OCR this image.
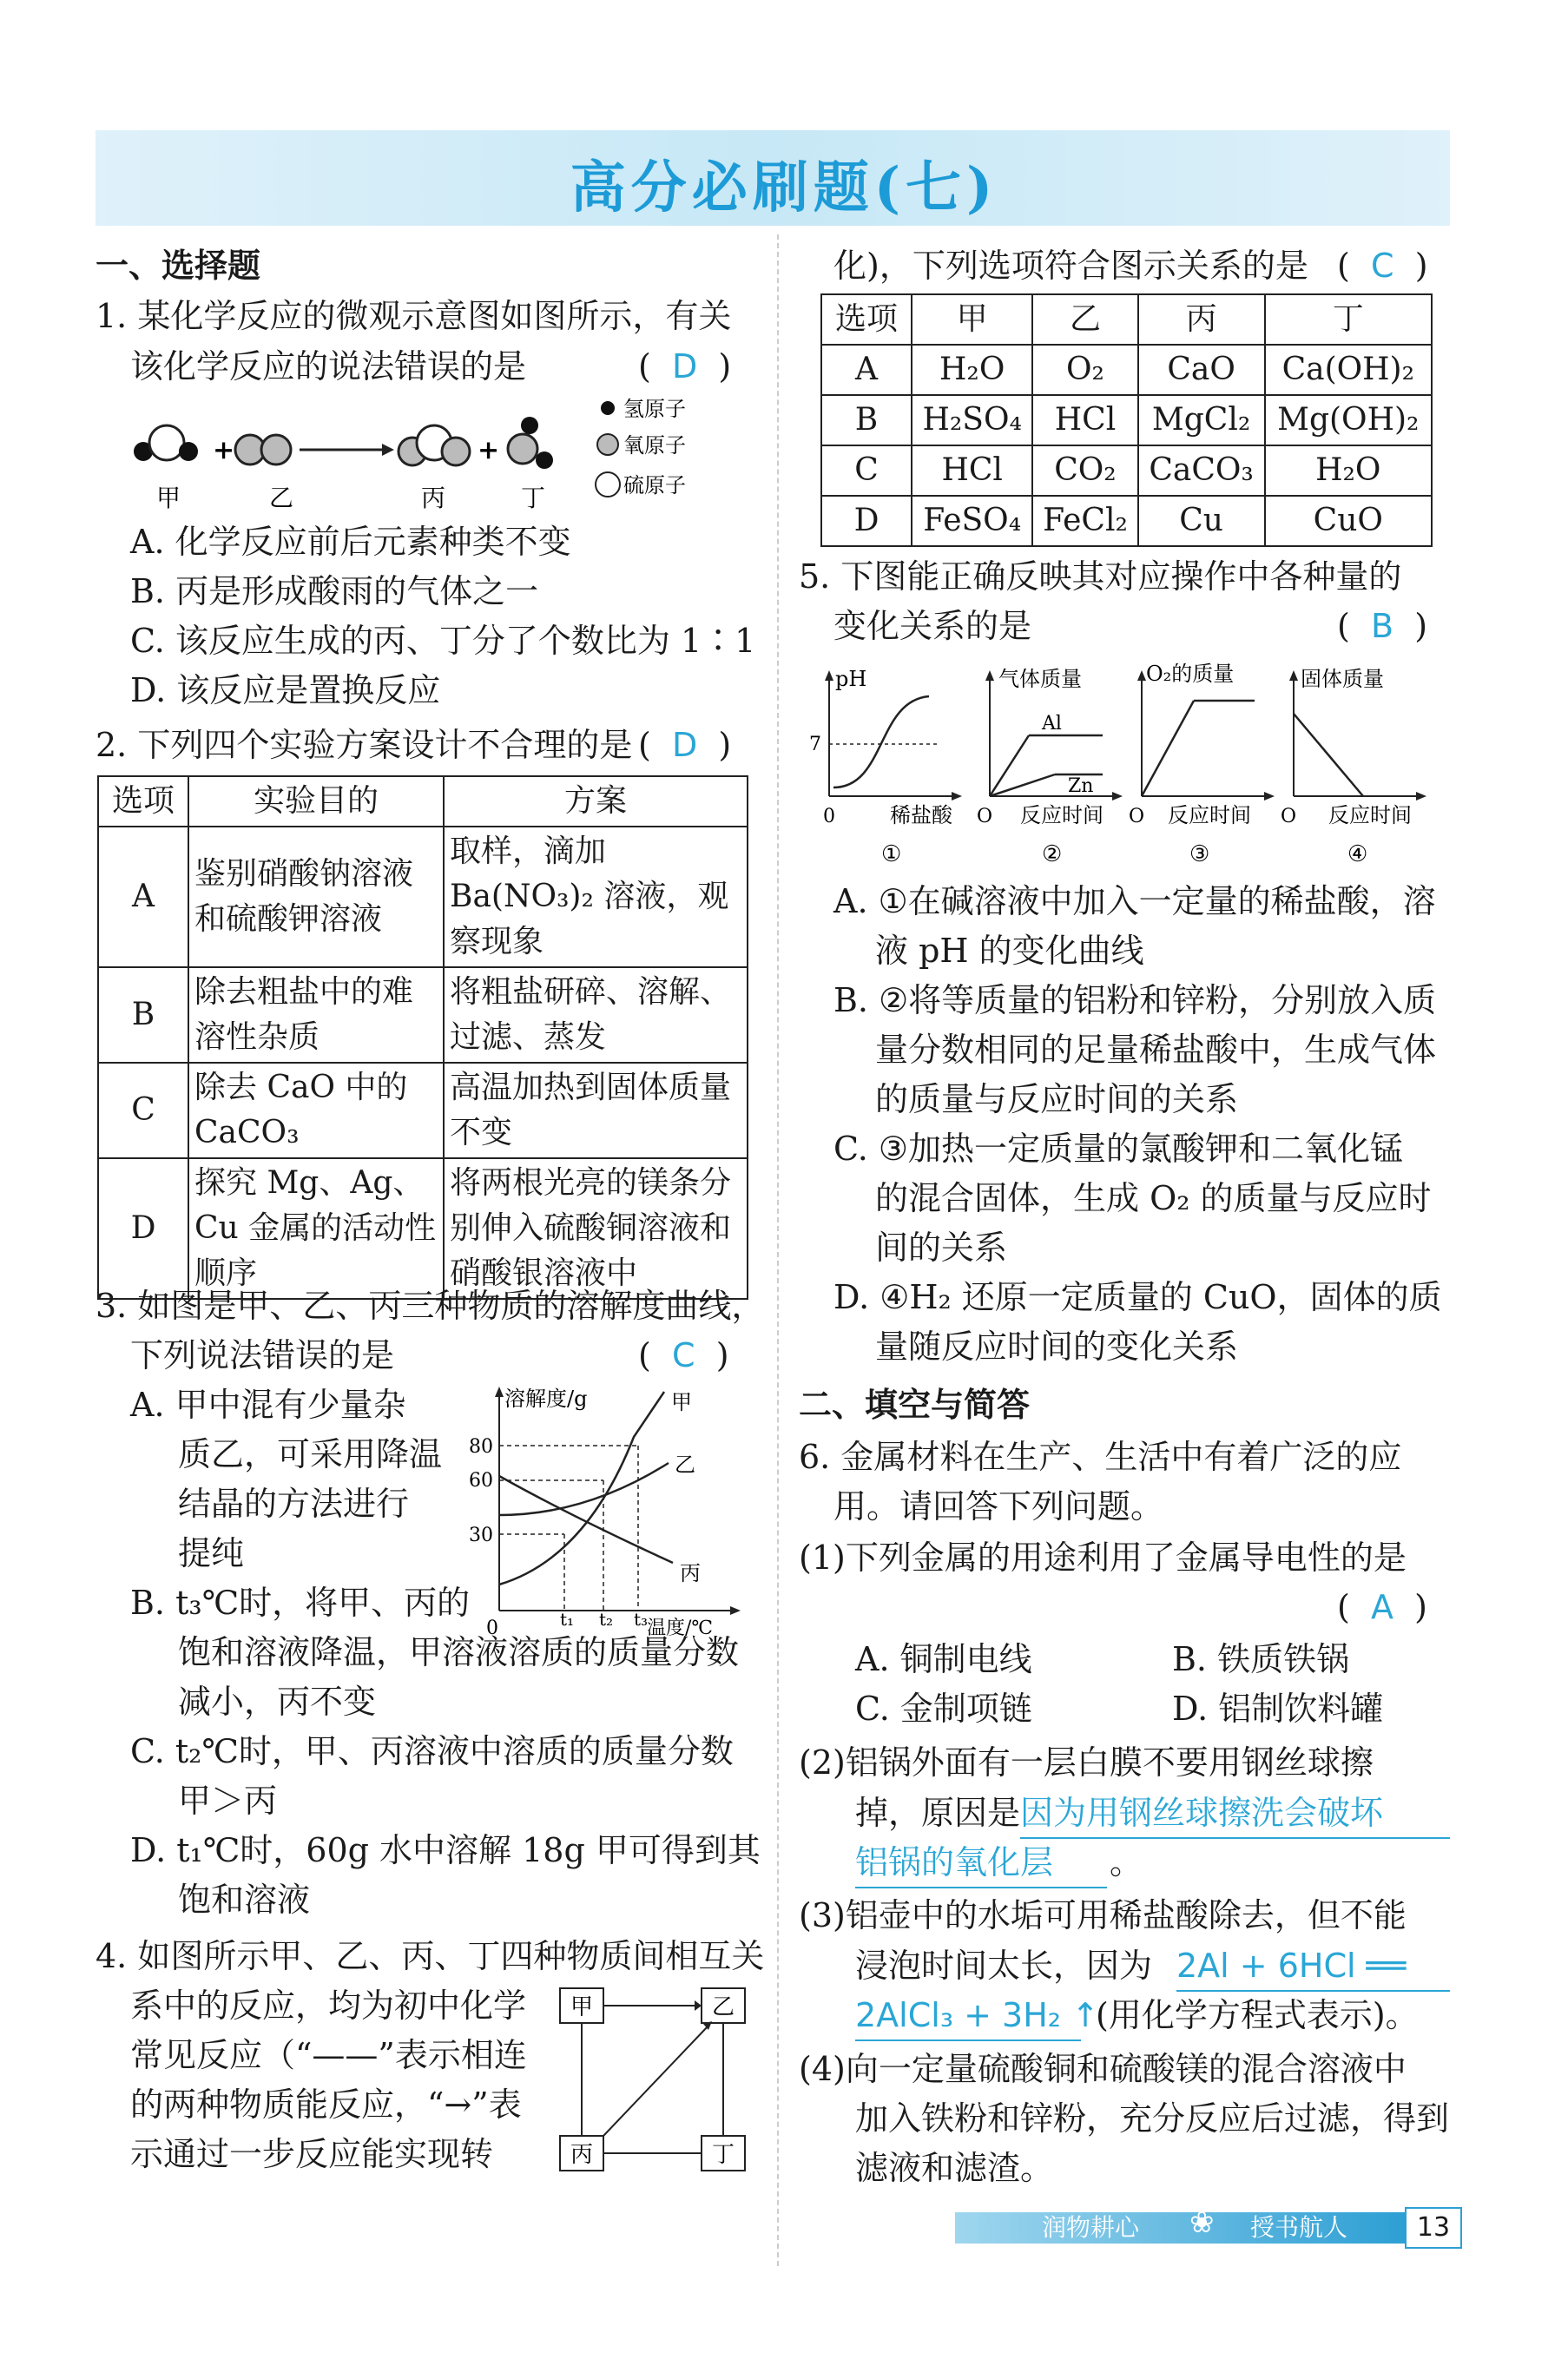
高分必刷题(七)
一、选择题
1. 某化学反应的微观示意图如图所示，有关
该化学反应的说法错误的是	(  D  )
+	+
甲	乙	丙	丁
氢原子
氧原子
硫原子
A. 化学反应前后元素种类不变
B. 丙是形成酸雨的气体之一
C. 该反应生成的丙、丁分了个数比为 1∶1
D. 该反应是置换反应
2. 下列四个实验方案设计不合理的是 (  D  )
选项	实验目的	方案
A	鉴别硝酸钠溶液和硫酸钾溶液	取样，滴加 Ba(NO₃)₂ 溶液，观察现象
B	除去粗盐中的难溶性杂质	将粗盐研碎、溶解、过滤、蒸发
C	除去 CaO 中的 CaCO₃	高温加热到固体质量不变
D	探究 Mg、Ag、Cu 金属的活动性顺序	将两根光亮的镁条分别伸入硫酸铜溶液和硝酸银溶液中
3. 如图是甲、乙、丙三种物质的溶解度曲线，
下列说法错误的是	(  C  )
A. 甲中混有少量杂
质乙，可采用降温
结晶的方法进行
提纯
B. t₃℃时，将甲、丙的
饱和溶液降温，甲溶液溶质的质量分数
减小，丙不变
C. t₂℃时，甲、丙溶液中溶质的质量分数
甲＞丙
D. t₁℃时，60g 水中溶解 18g 甲可得到其
饱和溶液
溶解度/g
温度/℃
80
60
30
0	t₁ t₂ t₃
甲
乙
丙
4. 如图所示甲、乙、丙、丁四种物质间相互关
系中的反应，均为初中化学
常见反应（“——”表示相连
的两种物质能反应，“→”表
示通过一步反应能实现转
甲	乙
丙	丁
化)，下列选项符合图示关系的是 (  C  )
选项	甲	乙	丙	丁
A	H₂O	O₂	CaO	Ca(OH)₂
B	H₂SO₄	HCl	MgCl₂	Mg(OH)₂
C	HCl	CO₂	CaCO₃	H₂O
D	FeSO₄	FeCl₂	Cu	CuO
5. 下图能正确反映其对应操作中各种量的
变化关系的是	(  B  )
pH
7
0	稀盐酸
①
气体质量
Al
Zn
O 反应时间
②
O₂的质量
O 反应时间
③
固体质量
O 反应时间
④
A. ①在碱溶液中加入一定量的稀盐酸，溶
液 pH 的变化曲线
B. ②将等质量的铝粉和锌粉，分别放入质
量分数相同的足量稀盐酸中，生成气体
的质量与反应时间的关系
C. ③加热一定质量的氯酸钾和二氧化锰
的混合固体，生成 O₂ 的质量与反应时
间的关系
D. ④H₂ 还原一定质量的 CuO，固体的质
量随反应时间的变化关系
二、填空与简答
6. 金属材料在生产、生活中有着广泛的应
用。请回答下列问题。
(1)下列金属的用途利用了金属导电性的是
(  A  )
A. 铜制电线	B. 铁质铁锅
C. 金制项链	D. 铝制饮料罐
(2)铝锅外面有一层白膜不要用钢丝球擦
掉，原因是 因为用钢丝球擦洗会破坏
铝锅的氧化层	。
(3)铝壶中的水垢可用稀盐酸除去，但不能
浸泡时间太长，因为 2Al + 6HCl ══
2AlCl₃ + 3H₂ ↑
(用化学方程式表示)。
(4)向一定量硫酸铜和硫酸镁的混合溶液中
加入铁粉和锌粉，充分反应后过滤，得到
滤液和滤渣。
润物耕心 ❀ 授书航人	13
